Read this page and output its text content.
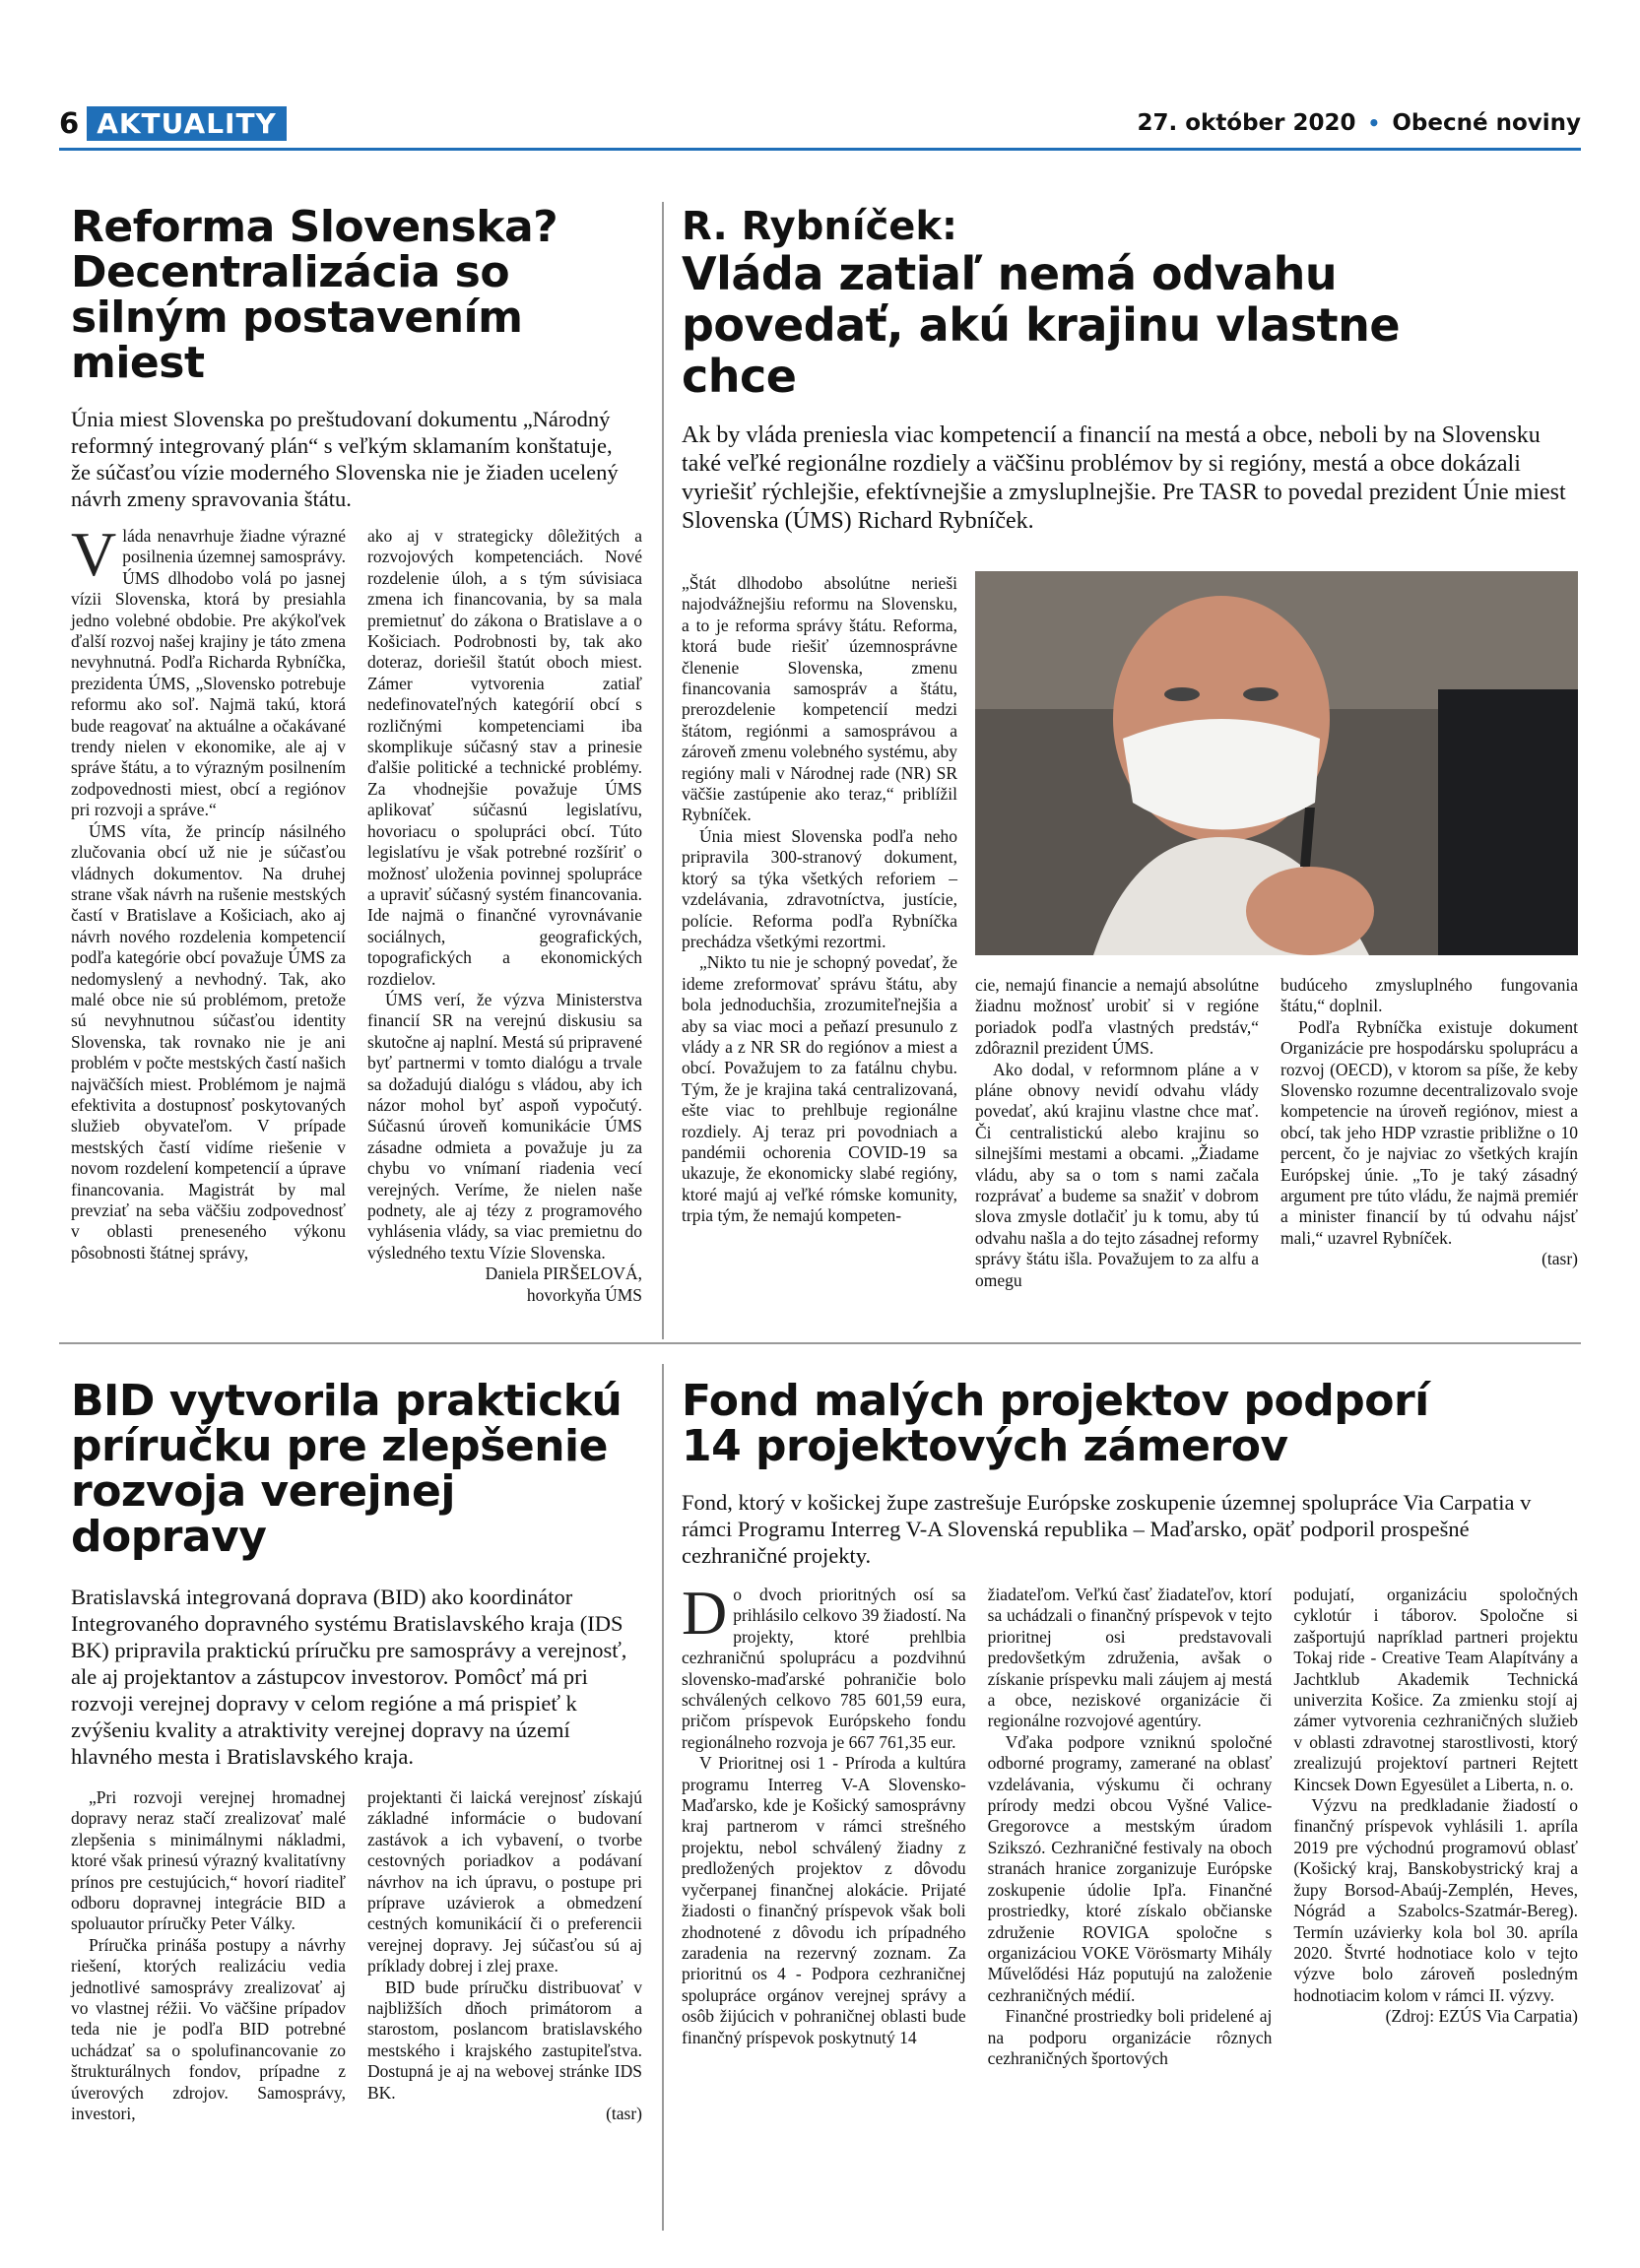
6 AKTUALITY	27. október 2020 • Obecné noviny
Reforma Slovenska? Decentralizácia so silným postavením miest
Únia miest Slovenska po preštudovaní dokumentu „Národný reformný integrovaný plán“ s veľkým sklamaním konštatuje, že súčasťou vízie moderného Slovenska nie je žiaden ucelený návrh zmeny spravovania štátu.

Vláda nenavrhuje žiadne výrazné posilnenia územnej samosprávy. ÚMS dlhodobo volá po jasnej vízii Slovenska, ktorá by presiahla jedno volebné obdobie. Pre akýkoľvek ďalší rozvoj našej krajiny je táto zmena nevyhnutná. Podľa Richarda Rybníčka, prezidenta ÚMS, „Slovensko potrebuje reformu ako soľ. Najmä takú, ktorá bude reagovať na aktuálne a očakávané trendy nielen v ekonomike, ale aj v správe štátu, a to výrazným posilnením zodpovednosti miest, obcí a regiónov pri rozvoji a správe.“

ÚMS víta, že princíp násilného zlučovania obcí už nie je súčasťou vládnych dokumentov. Na druhej strane však návrh na rušenie mestských častí v Bratislave a Košiciach, ako aj návrh nového rozdelenia kompetencií podľa kategórie obcí považuje ÚMS za nedomyslený a nevhodný. Tak, ako malé obce nie sú problémom, pretože sú nevyhnutnou súčasťou identity Slovenska, tak rovnako nie je ani problém v počte mestských častí našich najväčších miest. Problémom je najmä efektivita a dostupnosť poskytovaných služieb obyvateľom. V prípade mestských častí vidíme riešenie v novom rozdelení kompetencií a úprave financovania. Magistrát by mal prevziať na seba väčšiu zodpovednosť v oblasti preneseného výkonu pôsobnosti štátnej správy,

ako aj v strategicky dôležitých a rozvojových kompetenciách. Nové rozdelenie úloh, a s tým súvisiaca zmena ich financovania, by sa mala premietnuť do zákona o Bratislave a o Košiciach. Podrobnosti by, tak ako doteraz, doriešil štatút oboch miest. Zámer vytvorenia zatiaľ nedefinovateľných kategórií obcí s rozličnými kompetenciami iba skomplikuje súčasný stav a prinesie ďalšie politické a technické problémy. Za vhodnejšie považuje ÚMS aplikovať súčasnú legislatívu, hovoriacu o spolupráci obcí. Túto legislatívu je však potrebné rozšíriť o možnosť uloženia povinnej spolupráce a upraviť súčasný systém financovania. Ide najmä o finančné vyrovnávanie sociálnych, geografických, topografických a ekonomických rozdielov.

ÚMS verí, že výzva Ministerstva financií SR na verejnú diskusiu sa skutočne aj naplní. Mestá sú pripravené byť partnermi v tomto dialógu a trvale sa dožadujú dialógu s vládou, aby ich názor mohol byť aspoň vypočutý. Súčasnú úroveň komunikácie ÚMS zásadne odmieta a považuje ju za chybu vo vnímaní riadenia vecí verejných. Veríme, že nielen naše podnety, ale aj tézy z programového vyhlásenia vlády, sa viac premietnu do výsledného textu Vízie Slovenska.

Daniela PIRŠELOVÁ,

hovorkyňa ÚMS

R. Rybníček:
Vláda zatiaľ nemá odvahu povedať, akú krajinu vlastne chce
Ak by vláda preniesla viac kompetencií a financií na mestá a obce, neboli by na Slovensku také veľké regionálne rozdiely a väčšinu problémov by si regióny, mestá a obce dokázali vyriešiť rýchlejšie, efektívnejšie a zmysluplnejšie. Pre TASR to povedal prezident Únie miest Slovenska (ÚMS) Richard Rybníček.

„Štát dlhodobo absolútne nerieši najodvážnejšiu reformu na Slovensku, a to je reforma správy štátu. Reforma, ktorá bude riešiť územnosprávne členenie Slovenska, zmenu financovania samospráv a štátu, prerozdelenie kompetencií medzi štátom, regiónmi a samosprávou a zároveň zmenu volebného systému, aby regióny mali v Národnej rade (NR) SR väčšie zastúpenie ako teraz,“ priblížil Rybníček.

Únia miest Slovenska podľa neho pripravila 300-stranový dokument, ktorý sa týka všetkých reforiem – vzdelávania, zdravotníctva, justície, polície. Reforma podľa Rybníčka prechádza všetkými rezortmi.

„Nikto tu nie je schopný povedať, že ideme zreformovať správu štátu, aby bola jednoduchšia, zrozumiteľnejšia a aby sa viac moci a peňazí presunulo z vlády a z NR SR do regiónov a miest a obcí. Považujem to za fatálnu chybu. Tým, že je krajina taká centralizovaná, ešte viac to prehlbuje regionálne rozdiely. Aj teraz pri povodniach a pandémii ochorenia COVID-19 sa ukazuje, že ekonomicky slabé regióny, ktoré majú aj veľké rómske komunity, trpia tým, že nemajú kompeten-

cie, nemajú financie a nemajú absolútne žiadnu možnosť urobiť si v regióne poriadok podľa vlastných predstáv,“ zdôraznil prezident ÚMS.

Ako dodal, v reformnom pláne a v pláne obnovy nevidí odvahu vlády povedať, akú krajinu vlastne chce mať. Či centralistickú alebo krajinu so silnejšími mestami a obcami. „Žiadame vládu, aby sa o tom s nami začala rozprávať a budeme sa snažiť v dobrom slova zmysle dotlačiť ju k tomu, aby tú odvahu našla a do tejto zásadnej reformy správy štátu išla. Považujem to za alfu a omegu

budúceho zmysluplného fungovania štátu,“ doplnil.

Podľa Rybníčka existuje dokument Organizácie pre hospodársku spoluprácu a rozvoj (OECD), v ktorom sa píše, že keby Slovensko rozumne decentralizovalo svoje kompetencie na úroveň regiónov, miest a obcí, tak jeho HDP vzrastie približne o 10 percent, čo je najviac zo všetkých krajín Európskej únie. „To je taký zásadný argument pre túto vládu, že najmä premiér a minister financií by tú odvahu nájsť mali,“ uzavrel Rybníček.

(tasr)

BID vytvorila praktickú príručku pre zlepšenie rozvoja verejnej dopravy
Bratislavská integrovaná doprava (BID) ako koordinátor Integrovaného dopravného systému Bratislavského kraja (IDS BK) pripravila praktickú príručku pre samosprávy a verejnosť, ale aj projektantov a zástupcov investorov. Pomôcť má pri rozvoji verejnej dopravy v celom regióne a má prispieť k zvýšeniu kvality a atraktivity verejnej dopravy na území hlavného mesta i Bratislavského kraja.

„Pri rozvoji verejnej hromadnej dopravy neraz stačí zrealizovať malé zlepšenia s minimálnymi nákladmi, ktoré však prinesú výrazný kvalitatívny prínos pre cestujúcich,“ hovorí riaditeľ odboru dopravnej integrácie BID a spoluautor príručky Peter Války.

Príručka prináša postupy a návrhy riešení, ktorých realizáciu vedia jednotlivé samosprávy zrealizovať aj vo vlastnej réžii. Vo väčšine prípadov teda nie je podľa BID potrebné uchádzať sa o spolufinancovanie zo štrukturálnych fondov, prípadne z úverových zdrojov. Samosprávy, investori,

projektanti či laická verejnosť získajú základné informácie o budovaní zastávok a ich vybavení, o tvorbe cestovných poriadkov a podávaní návrhov na ich úpravu, o postupe pri príprave uzávierok a obmedzení cestných komunikácií či o preferencii verejnej dopravy. Jej súčasťou sú aj príklady dobrej i zlej praxe.

BID bude príručku distribuovať v najbližších dňoch primátorom a starostom, poslancom bratislavského mestského i krajského zastupiteľstva. Dostupná je aj na webovej stránke IDS BK.

(tasr)

Fond malých projektov podporí 14 projektových zámerov
Fond, ktorý v košickej župe zastrešuje Európske zoskupenie územnej spolupráce Via Carpatia v rámci Programu Interreg V-A Slovenská republika – Maďarsko, opäť podporil prospešné cezhraničné projekty.

Do dvoch prioritných osí sa prihlásilo celkovo 39 žiadostí. Na projekty, ktoré prehlbia cezhraničnú spoluprácu a pozdvihnú slovensko-maďarské pohraničie bolo schválených celkovo 785 601,59 eura, pričom príspevok Európskeho fondu regionálneho rozvoja je 667 761,35 eur.

V Prioritnej osi 1 - Príroda a kultúra programu Interreg V-A Slovensko-Maďarsko, kde je Košický samosprávny kraj partnerom v rámci strešného projektu, nebol schválený žiadny z predložených projektov z dôvodu vyčerpanej finančnej alokácie. Prijaté žiadosti o finančný príspevok však boli zhodnotené z dôvodu ich prípadného zaradenia na rezervný zoznam. Za prioritnú os 4 - Podpora cezhraničnej spolupráce orgánov verejnej správy a osôb žijúcich v pohraničnej oblasti bude finančný príspevok poskytnutý 14

žiadateľom. Veľkú časť žiadateľov, ktorí sa uchádzali o finančný príspevok v tejto prioritnej osi predstavovali predovšetkým združenia, avšak o získanie príspevku mali záujem aj mestá a obce, neziskové organizácie či regionálne rozvojové agentúry.

Vďaka podpore vzniknú spoločné odborné programy, zamerané na oblasť vzdelávania, výskumu či ochrany prírody medzi obcou Vyšné Valice-Gregorovce a mestským úradom Szikszó. Cezhraničné festivaly na oboch stranách hranice zorganizuje Európske zoskupenie údolie Ipľa. Finančné prostriedky, ktoré získalo občianske združenie ROVIGA spoločne s organizáciou VOKE Vörösmarty Mihály Művelődési Ház poputujú na založenie cezhraničných médií.

Finančné prostriedky boli pridelené aj na podporu organizácie rôznych cezhraničných športových

podujatí, organizáciu spoločných cyklotúr i táborov. Spoločne si zašportujú napríklad partneri projektu Tokaj ride - Creative Team Alapítvány a Jachtklub Akademik Technická univerzita Košice. Za zmienku stojí aj zámer vytvorenia cezhraničných služieb v oblasti zdravotnej starostlivosti, ktorý zrealizujú projektoví partneri Rejtett Kincsek Down Egyesület a Liberta, n. o.

Výzvu na predkladanie žiadostí o finančný príspevok vyhlásili 1. apríla 2019 pre východnú programovú oblasť (Košický kraj, Banskobystrický kraj a župy Borsod-Abaúj-Zemplén, Heves, Nógrád a Szabolcs-Szatmár-Bereg). Termín uzávierky kola bol 30. apríla 2020. Štvrté hodnotiace kolo v tejto výzve bolo zároveň posledným hodnotiacim kolom v rámci II. výzvy.

(Zdroj: EZÚS Via Carpatia)
